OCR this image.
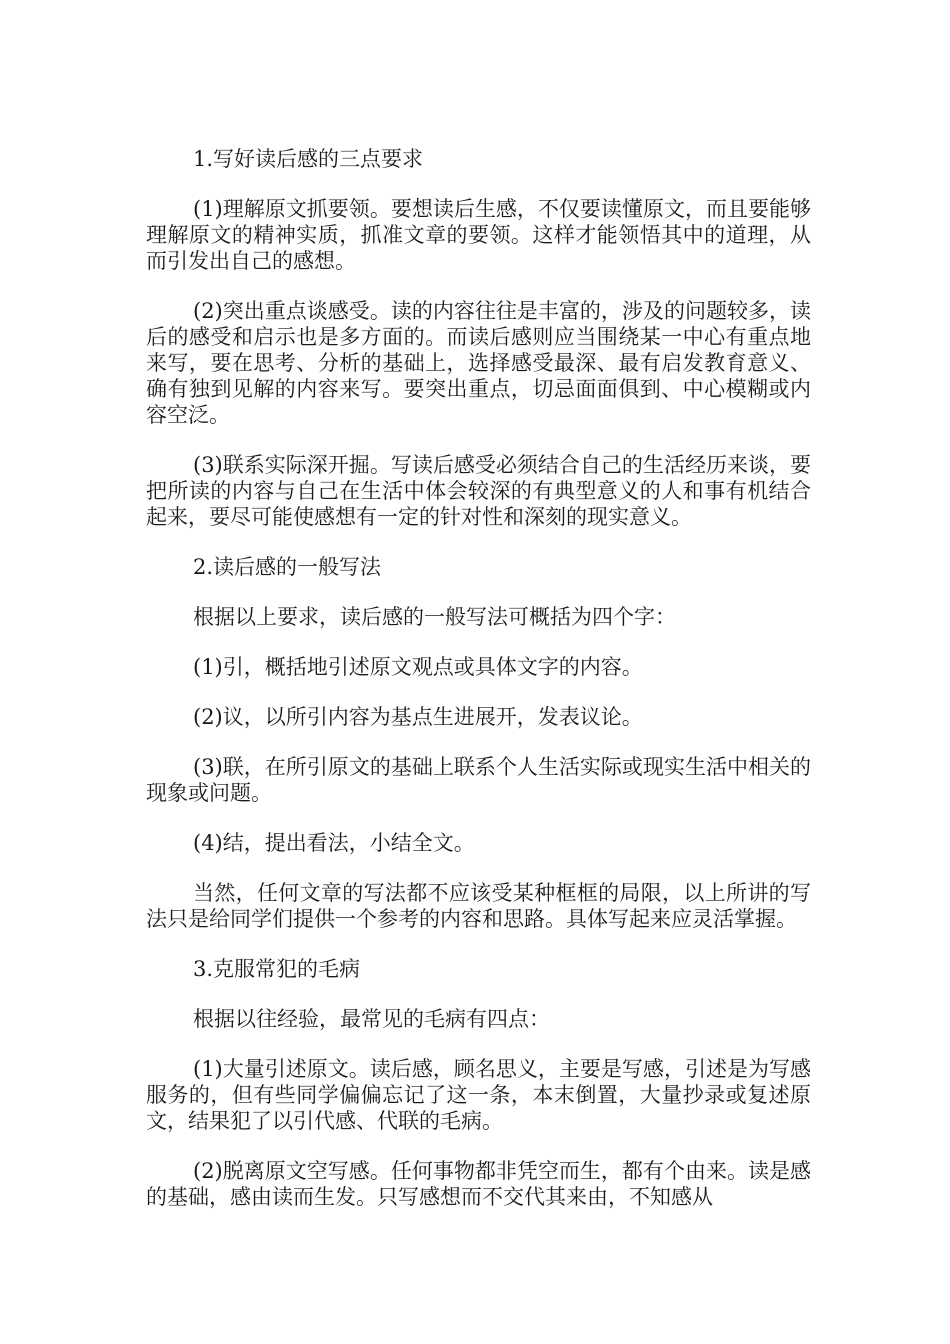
1.写好读后感的三点要求

(1)理解原文抓要领。要想读后生感，不仅要读懂原文，而且要能够理解原文的精神实质，抓准文章的要领。这样才能领悟其中的道理，从而引发出自己的感想。

(2)突出重点谈感受。读的内容往往是丰富的，涉及的问题较多，读后的感受和启示也是多方面的。而读后感则应当围绕某一中心有重点地来写，要在思考、分析的基础上，选择感受最深、最有启发教育意义、确有独到见解的内容来写。要突出重点，切忌面面俱到、中心模糊或内容空泛。

(3)联系实际深开掘。写读后感受必须结合自己的生活经历来谈，要把所读的内容与自己在生活中体会较深的有典型意义的人和事有机结合起来，要尽可能使感想有一定的针对性和深刻的现实意义。

2.读后感的一般写法

根据以上要求，读后感的一般写法可概括为四个字：

(1)引，概括地引述原文观点或具体文字的内容。

(2)议，以所引内容为基点生进展开，发表议论。

(3)联，在所引原文的基础上联系个人生活实际或现实生活中相关的现象或问题。

(4)结，提出看法，小结全文。

当然，任何文章的写法都不应该受某种框框的局限，以上所讲的写法只是给同学们提供一个参考的内容和思路。具体写起来应灵活掌握。

3.克服常犯的毛病

根据以往经验，最常见的毛病有四点：

(1)大量引述原文。读后感，顾名思义，主要是写感，引述是为写感服务的，但有些同学偏偏忘记了这一条，本末倒置，大量抄录或复述原文，结果犯了以引代感、代联的毛病。

(2)脱离原文空写感。任何事物都非凭空而生，都有个由来。读是感的基础，感由读而生发。只写感想而不交代其来由，不知感从
